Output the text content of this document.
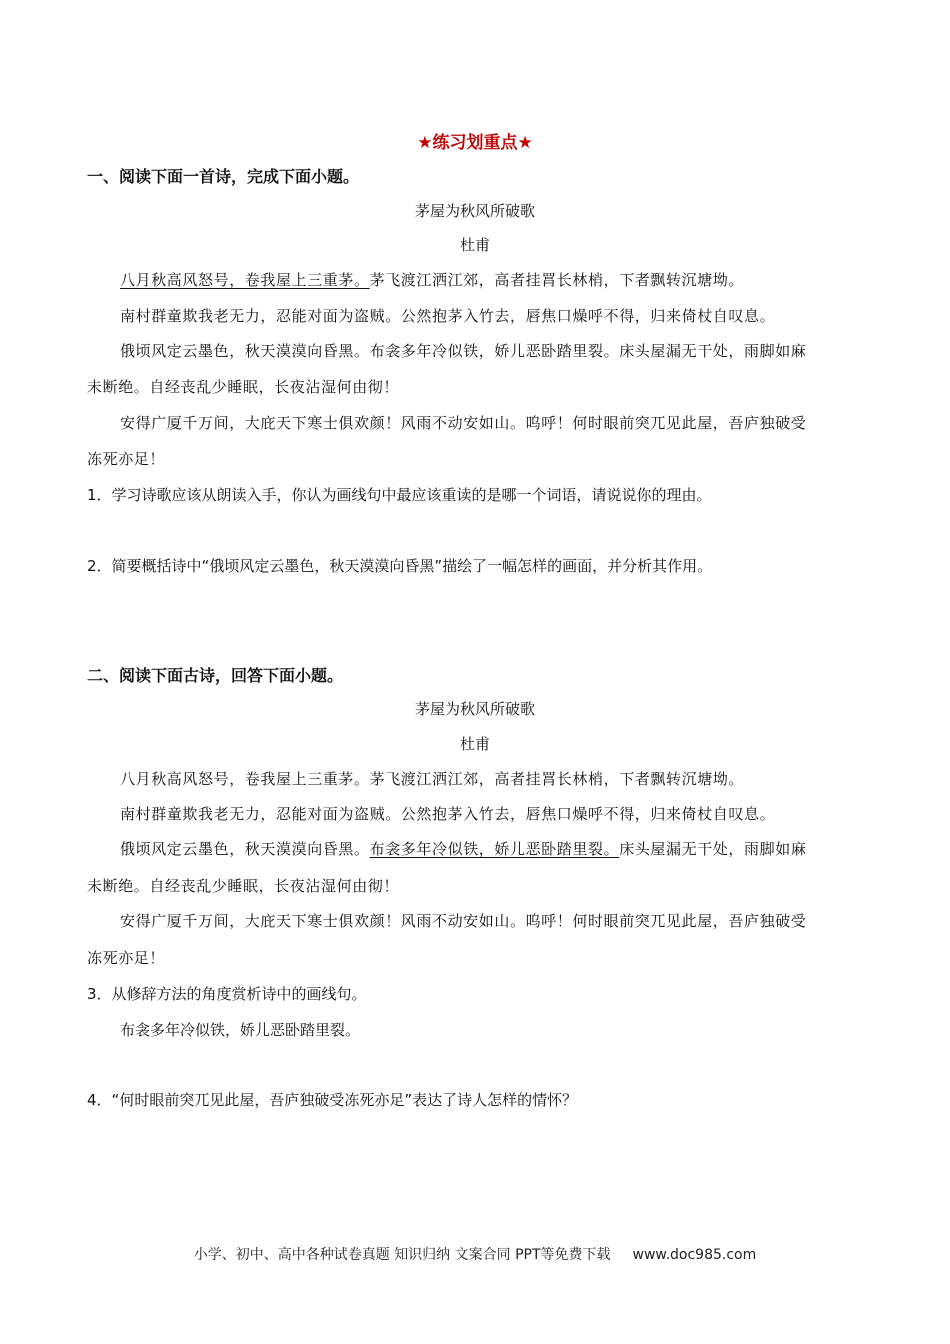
★练习划重点★
一、阅读下面一首诗，完成下面小题。
茅屋为秋风所破歌
杜甫
八月秋高风怒号，卷我屋上三重茅。茅飞渡江洒江郊，高者挂罥长林梢，下者飘转沉塘坳。
南村群童欺我老无力，忍能对面为盗贼。公然抱茅入竹去，唇焦口燥呼不得，归来倚杖自叹息。
俄顷风定云墨色，秋天漠漠向昏黑。布衾多年冷似铁，娇儿恶卧踏里裂。床头屋漏无干处，雨脚如麻
未断绝。自经丧乱少睡眠，长夜沾湿何由彻！
安得广厦千万间，大庇天下寒士俱欢颜！风雨不动安如山。呜呼！何时眼前突兀见此屋，吾庐独破受
冻死亦足！
1．学习诗歌应该从朗读入手，你认为画线句中最应该重读的是哪一个词语，请说说你的理由。
2．简要概括诗中“俄顷风定云墨色，秋天漠漠向昏黑”描绘了一幅怎样的画面，并分析其作用。
二、阅读下面古诗，回答下面小题。
茅屋为秋风所破歌
杜甫
八月秋高风怒号，卷我屋上三重茅。茅飞渡江洒江郊，高者挂罥长林梢，下者飘转沉塘坳。
南村群童欺我老无力，忍能对面为盗贼。公然抱茅入竹去，唇焦口燥呼不得，归来倚杖自叹息。
俄顷风定云墨色，秋天漠漠向昏黑。布衾多年冷似铁，娇儿恶卧踏里裂。床头屋漏无干处，雨脚如麻
未断绝。自经丧乱少睡眠，长夜沾湿何由彻！
安得广厦千万间，大庇天下寒士俱欢颜！风雨不动安如山。呜呼！何时眼前突兀见此屋，吾庐独破受
冻死亦足！
3．从修辞方法的角度赏析诗中的画线句。
布衾多年冷似铁，娇儿恶卧踏里裂。
4．“何时眼前突兀见此屋，吾庐独破受冻死亦足”表达了诗人怎样的情怀？
小学、初中、高中各种试卷真题 知识归纳 文案合同 PPT等免费下载 www.doc985.com
